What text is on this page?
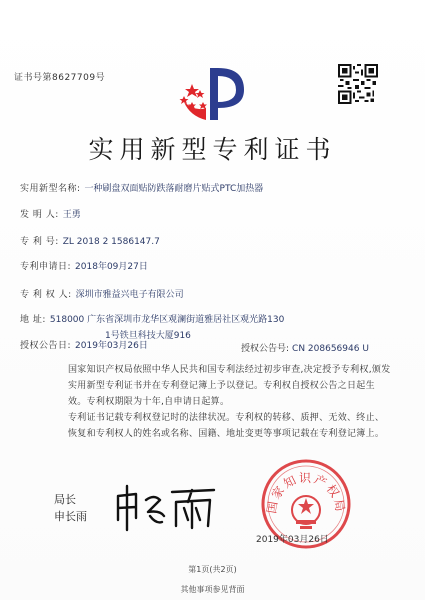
证书号第8627709号
实用新型专利证书
实用新型名称: 一种刷盘双面贴防跌落耐磨片贴式PTC加热器
发 明 人: 王勇
专 利 号: ZL 2018 2 1586147.7
专利申请日: 2018年09月27日
专 利 权 人: 深圳市雅益兴电子有限公司
地 址: 518000 广东省深圳市龙华区观澜街道雅居社区观光路130
1号铁旦科技大厦916
授权公告日: 2019年03月26日	授权公告号: CN 208656946 U
国家知识产权局依照中华人民共和国专利法经过初步审查,决定授予专利权,颁发实用新型专利证书并在专利登记簿上予以登记。专利权自授权公告之日起生效。专利权期限为十年,自申请日起算。
专利证书记载专利权登记时的法律状况。专利权的转移、质押、无效、终止、恢复和专利权人的姓名或名称、国籍、地址变更等事项记载在专利登记簿上。
局长
申长雨
国家知识产权局
2019年03月26日
第1页(共2页)
其他事项参见背面
